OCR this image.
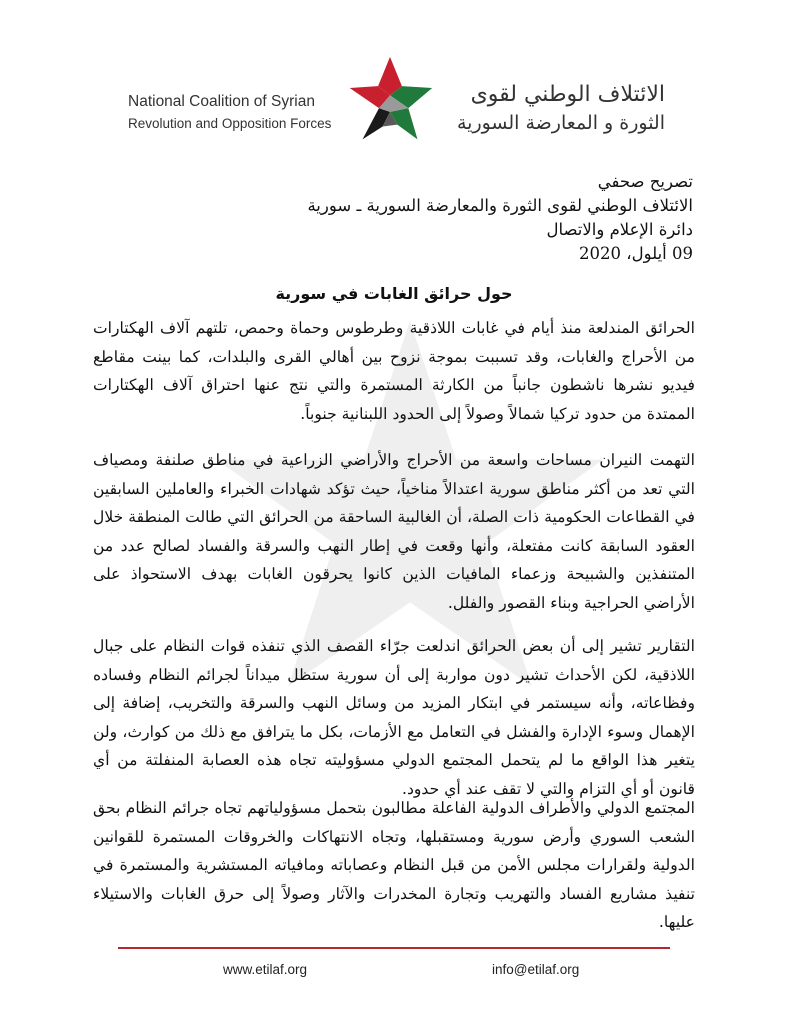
National Coalition of Syrian
Revolution and Opposition Forces
الائتلاف الوطني لقوى
الثورة و المعارضة السورية
تصريح صحفي
الائتلاف الوطني لقوى الثورة والمعارضة السورية ـ سورية
دائرة الإعلام والاتصال
09 أيلول، 2020
حول حرائق الغابات في سورية
الحرائق المندلعة منذ أيام في غابات اللاذقية وطرطوس وحماة وحمص، تلتهم آلاف الهكتارات من الأحراج والغابات، وقد تسببت بموجة نزوح بين أهالي القرى والبلدات، كما بينت مقاطع فيديو نشرها ناشطون جانباً من الكارثة المستمرة والتي نتج عنها احتراق آلاف الهكتارات الممتدة من حدود تركيا شمالاً وصولاً إلى الحدود اللبنانية جنوباً.
التهمت النيران مساحات واسعة من الأحراج والأراضي الزراعية في مناطق صلنفة ومصياف التي تعد من أكثر مناطق سورية اعتدالاً مناخياً، حيث تؤكد شهادات الخبراء والعاملين السابقين في القطاعات الحكومية ذات الصلة، أن الغالبية الساحقة من الحرائق التي طالت المنطقة خلال العقود السابقة كانت مفتعلة، وأنها وقعت في إطار النهب والسرقة والفساد لصالح عدد من المتنفذين والشبيحة وزعماء المافيات الذين كانوا يحرقون الغابات بهدف الاستحواذ على الأراضي الحراجية وبناء القصور والفلل.
التقارير تشير إلى أن بعض الحرائق اندلعت جرّاء القصف الذي تنفذه قوات النظام على جبال اللاذقية، لكن الأحداث تشير دون مواربة إلى أن سورية ستظل ميداناً لجرائم النظام وفساده وفظاعاته، وأنه سيستمر في ابتكار المزيد من وسائل النهب والسرقة والتخريب، إضافة إلى الإهمال وسوء الإدارة والفشل في التعامل مع الأزمات، بكل ما يترافق مع ذلك من كوارث، ولن يتغير هذا الواقع ما لم يتحمل المجتمع الدولي مسؤوليته تجاه هذه العصابة المنفلتة من أي قانون أو أي التزام والتي لا تقف عند أي حدود.
المجتمع الدولي والأطراف الدولية الفاعلة مطالبون بتحمل مسؤولياتهم تجاه جرائم النظام بحق الشعب السوري وأرض سورية ومستقبلها، وتجاه الانتهاكات والخروقات المستمرة للقوانين الدولية ولقرارات مجلس الأمن من قبل النظام وعصاباته ومافياته المستشرية والمستمرة في تنفيذ مشاريع الفساد والتهريب وتجارة المخدرات والآثار وصولاً إلى حرق الغابات والاستيلاء عليها.
www.etilaf.org	info@etilaf.org
